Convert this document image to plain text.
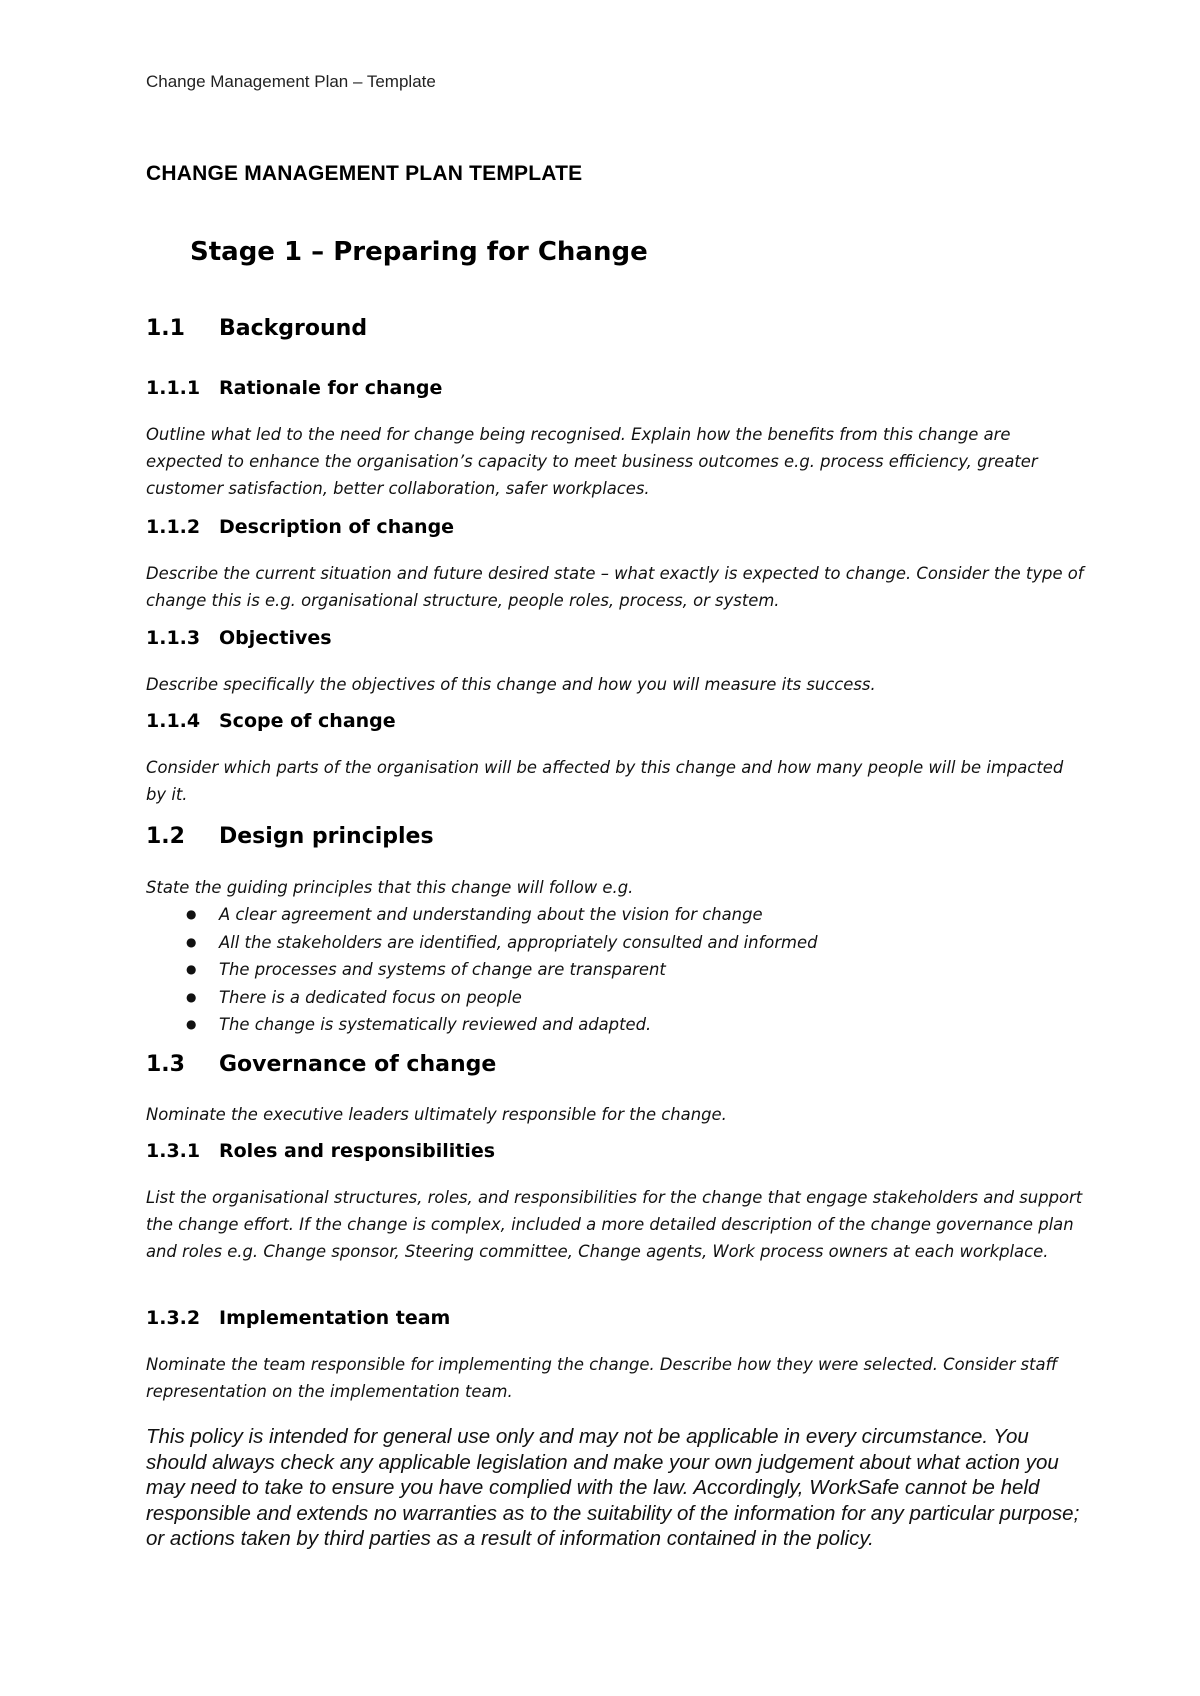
Change Management Plan – Template
CHANGE MANAGEMENT PLAN TEMPLATE
Stage 1 – Preparing for Change
1.1 Background
1.1.1 Rationale for change
Outline what led to the need for change being recognised. Explain how the benefits from this change are expected to enhance the organisation’s capacity to meet business outcomes e.g. process efficiency, greater customer satisfaction, better collaboration, safer workplaces.
1.1.2 Description of change
Describe the current situation and future desired state – what exactly is expected to change. Consider the type of change this is e.g. organisational structure, people roles, process, or system.
1.1.3 Objectives
Describe specifically the objectives of this change and how you will measure its success.
1.1.4 Scope of change
Consider which parts of the organisation will be affected by this change and how many people will be impacted by it.
1.2 Design principles
State the guiding principles that this change will follow e.g.
● A clear agreement and understanding about the vision for change
● All the stakeholders are identified, appropriately consulted and informed
● The processes and systems of change are transparent
● There is a dedicated focus on people
● The change is systematically reviewed and adapted.
1.3 Governance of change
Nominate the executive leaders ultimately responsible for the change.
1.3.1 Roles and responsibilities
List the organisational structures, roles, and responsibilities for the change that engage stakeholders and support the change effort. If the change is complex, included a more detailed description of the change governance plan and roles e.g. Change sponsor, Steering committee, Change agents, Work process owners at each workplace.
1.3.2 Implementation team
Nominate the team responsible for implementing the change. Describe how they were selected. Consider staff representation on the implementation team.
This policy is intended for general use only and may not be applicable in every circumstance. You should always check any applicable legislation and make your own judgement about what action you may need to take to ensure you have complied with the law. Accordingly, WorkSafe cannot be held responsible and extends no warranties as to the suitability of the information for any particular purpose; or actions taken by third parties as a result of information contained in the policy.
